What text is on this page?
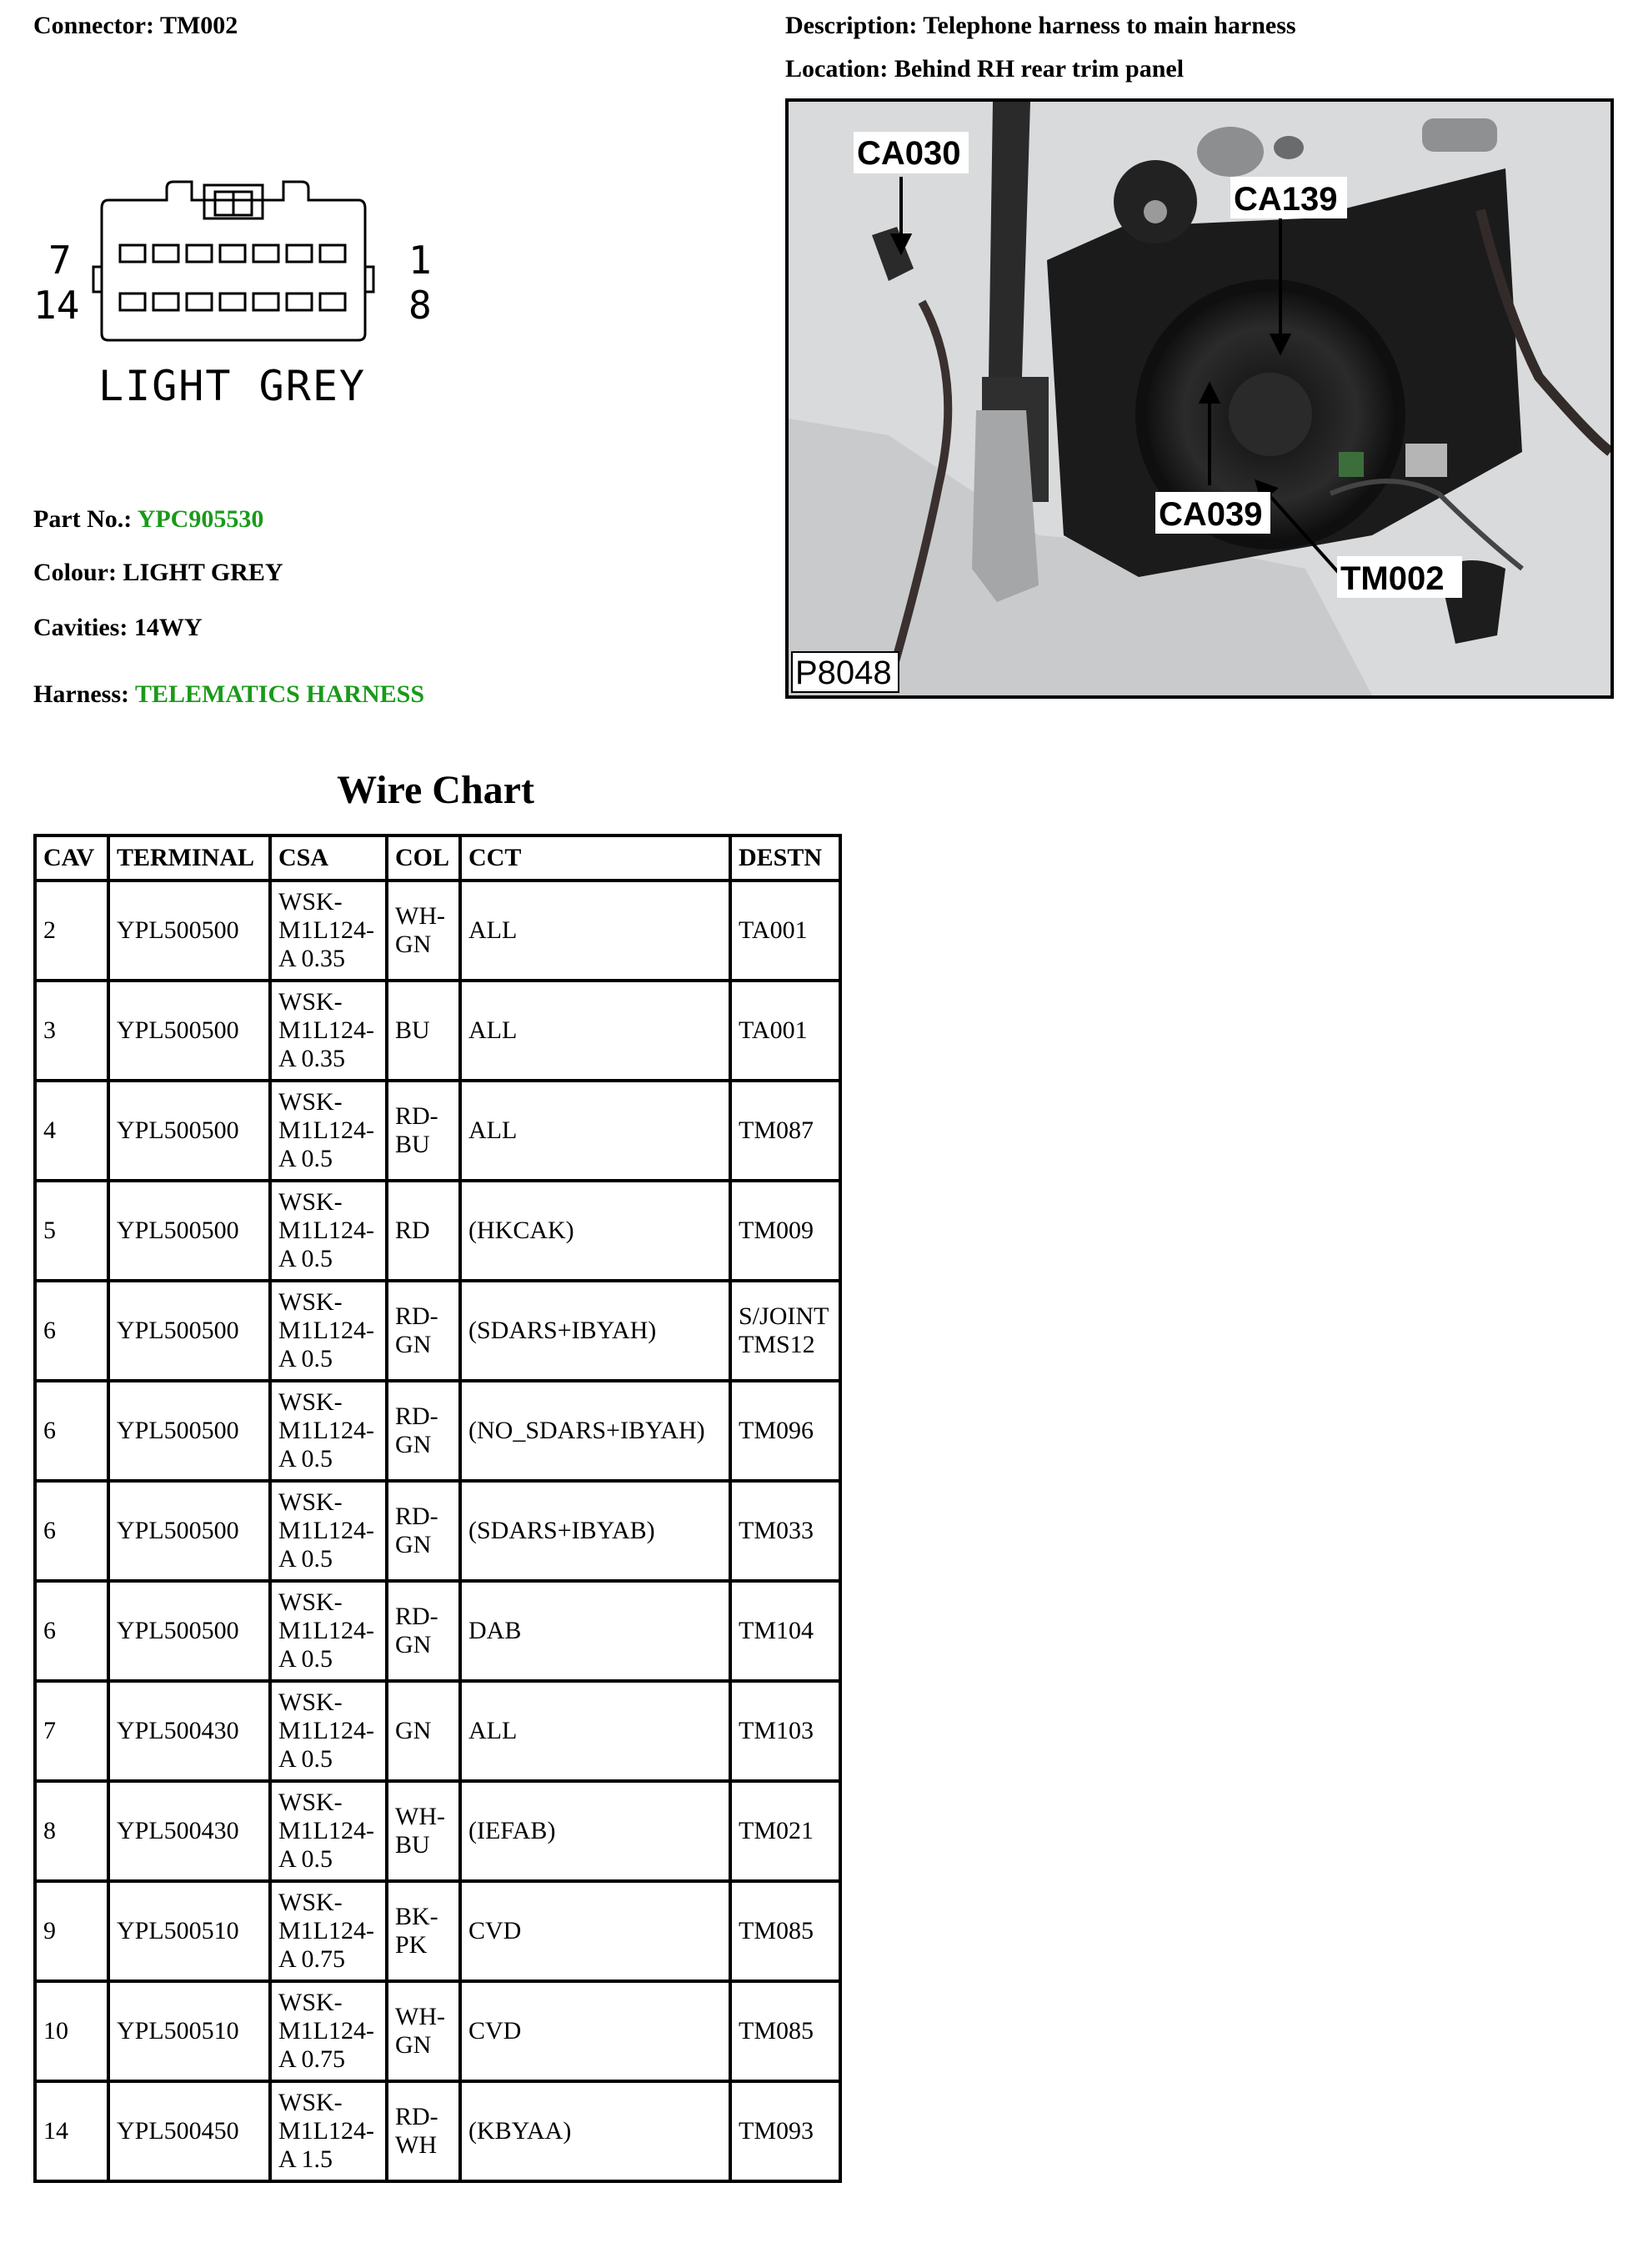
Connector: TM002	Description: Telephone harness to main harness
Location: Behind RH rear trim panel
7	1
14	8
LIGHT GREY
Part No.: YPC905530
Colour: LIGHT GREY
Cavities: 14WY
Harness: TELEMATICS HARNESS
CA030
CA139
CA039
TM002
P8048
Wire Chart
CAV	TERMINAL	CSA	COL	CCT	DESTN
2	YPL500500	WSK-
M1L124-
A 0.35	WH-
GN	ALL	TA001
3	YPL500500	WSK-
M1L124-
A 0.35	BU	ALL	TA001
4	YPL500500	WSK-
M1L124-
A 0.5	RD-
BU	ALL	TM087
5	YPL500500	WSK-
M1L124-
A 0.5	RD	(HKCAK)	TM009
6	YPL500500	WSK-
M1L124-
A 0.5	RD-
GN	(SDARS+IBYAH)	S/JOINT
TMS12
6	YPL500500	WSK-
M1L124-
A 0.5	RD-
GN	(NO_SDARS+IBYAH)	TM096
6	YPL500500	WSK-
M1L124-
A 0.5	RD-
GN	(SDARS+IBYAB)	TM033
6	YPL500500	WSK-
M1L124-
A 0.5	RD-
GN	DAB	TM104
7	YPL500430	WSK-
M1L124-
A 0.5	GN	ALL	TM103
8	YPL500430	WSK-
M1L124-
A 0.5	WH-
BU	(IEFAB)	TM021
9	YPL500510	WSK-
M1L124-
A 0.75	BK-
PK	CVD	TM085
10	YPL500510	WSK-
M1L124-
A 0.75	WH-
GN	CVD	TM085
14	YPL500450	WSK-
M1L124-
A 1.5	RD-
WH	(KBYAA)	TM093
